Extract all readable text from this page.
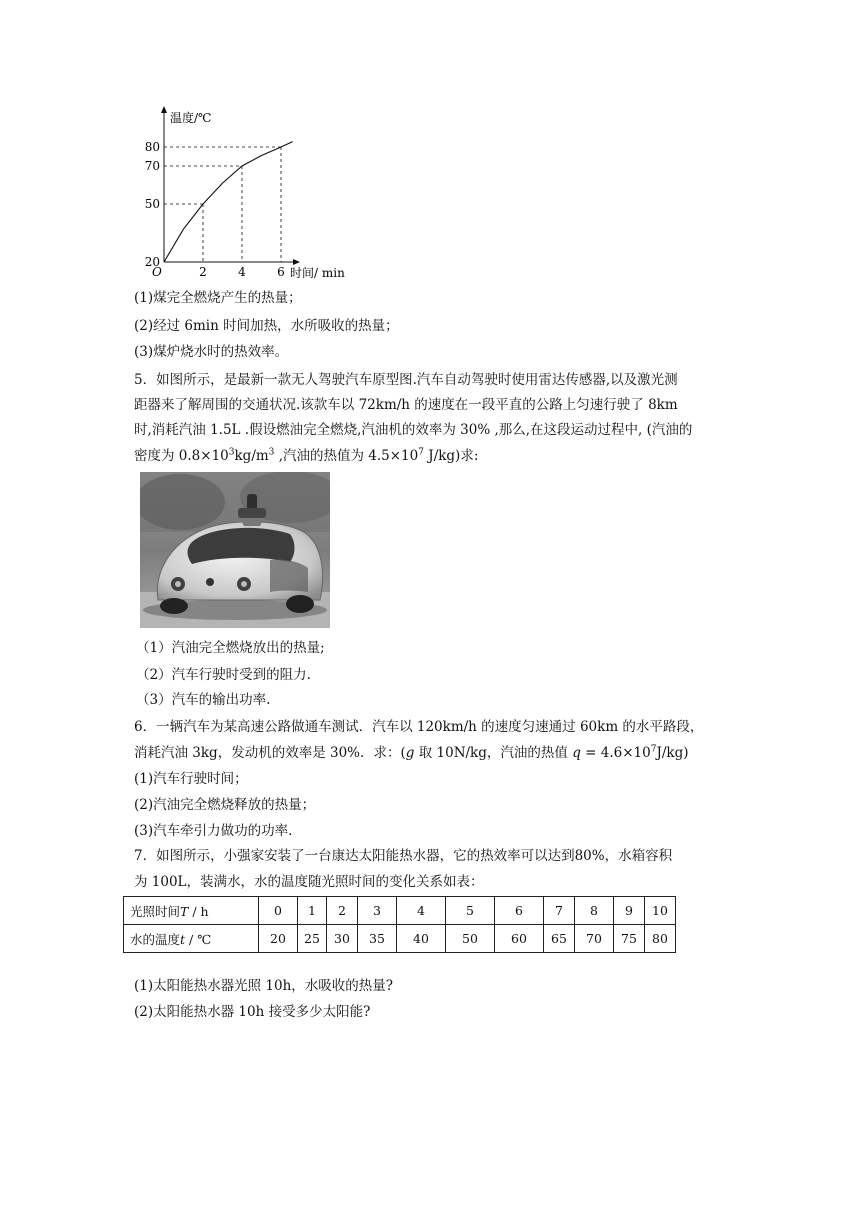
温度/℃
时间/ min
O
20
50
70
80
2	4	6
(1)煤完全燃烧产生的热量；
(2)经过 6min 时间加热，水所吸收的热量；
(3)煤炉烧水时的热效率。
5．如图所示，是最新一款无人驾驶汽车原型图.汽车自动驾驶时使用雷达传感器,以及激光测
距器来了解周围的交通状况.该款车以 72km/h 的速度在一段平直的公路上匀速行驶了 8km
时,消耗汽油 1.5L .假设燃油完全燃烧,汽油机的效率为 30% ,那么,在这段运动过程中, (汽油的
密度为 $0.8\times 10^3kg/m^3$ ,汽油的热值为 $4.5\times 10^7$ J/kg)求:
（1）汽油完全燃烧放出的热量;
（2）汽车行驶时受到的阻力.
（3）汽车的输出功率.
6．一辆汽车为某高速公路做通车测试．汽车以 120km/h 的速度匀速通过 60km 的水平路段，
消耗汽油 3kg，发动机的效率是 30%．求：(g 取 10N/kg，汽油的热值 $q = 4.6\times 10^7J/kg$)
(1)汽车行驶时间；
(2)汽油完全燃烧释放的热量；
(3)汽车牵引力做功的功率．
7．如图所示，小强家安装了一台康达太阳能热水器，它的热效率可以达到80%，水箱容积
为 100L，装满水，水的温度随光照时间的变化关系如表：
光照时间T / h	0	1	2	3	4	5	6	7	8	9	10
水的温度t / ℃	20	25	30	35	40	50	60	65	70	75	80
(1)太阳能热水器光照 10h，水吸收的热量?
(2)太阳能热水器 10h 接受多少太阳能?
